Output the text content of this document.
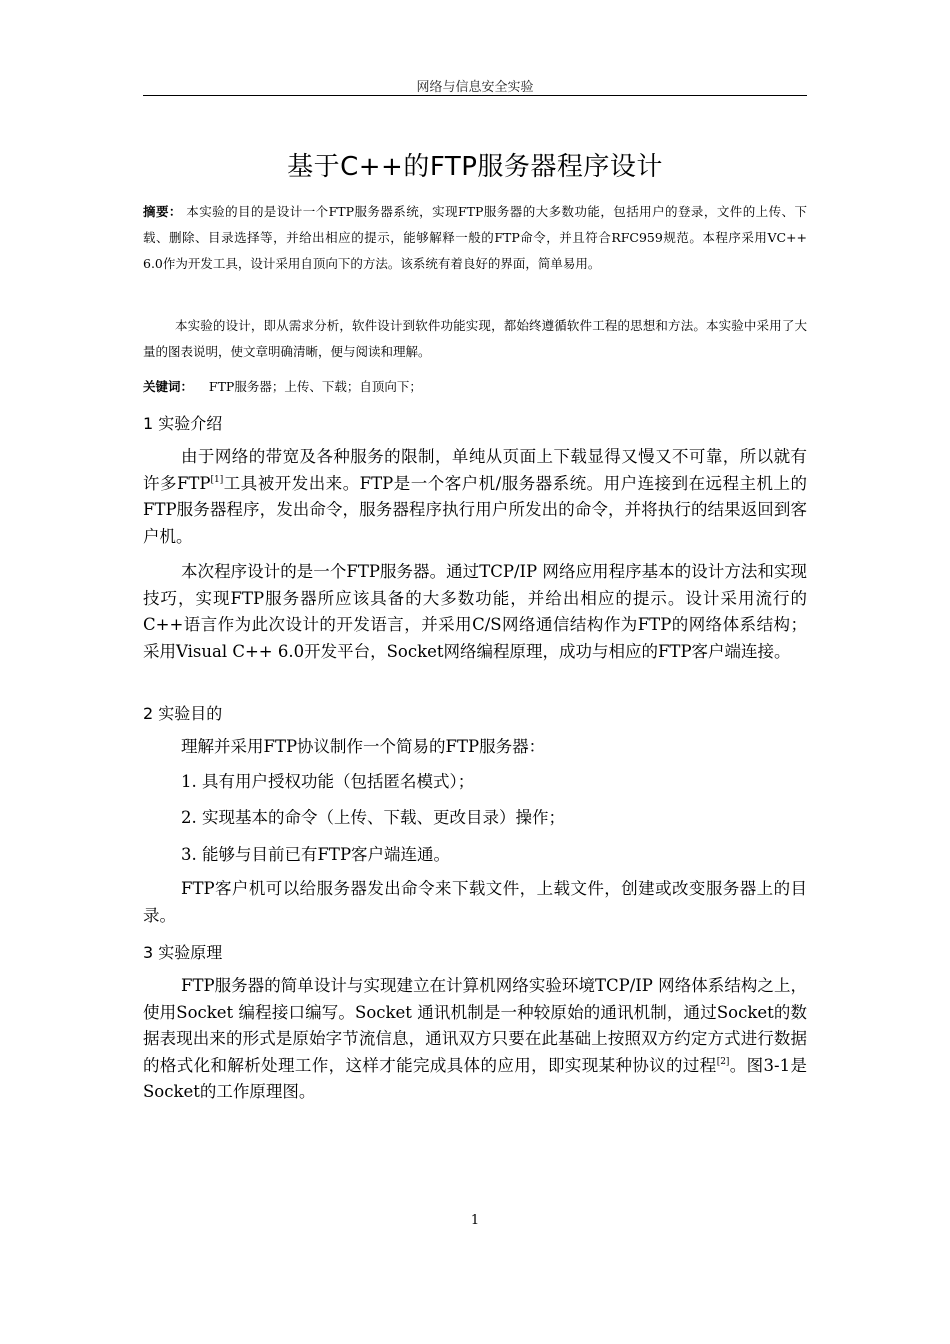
网络与信息安全实验
基于C++的FTP服务器程序设计
摘要： 本实验的目的是设计一个FTP服务器系统，实现FTP服务器的大多数功能，包括用户的登录，文件的上传、下载、删除、目录选择等，并给出相应的提示，能够解释一般的FTP命令，并且符合RFC959规范。本程序采用VC++ 6.0作为开发工具，设计采用自顶向下的方法。该系统有着良好的界面，简单易用。
本实验的设计，即从需求分析，软件设计到软件功能实现，都始终遵循软件工程的思想和方法。本实验中采用了大量的图表说明，使文章明确清晰，便与阅读和理解。
关键词： FTP服务器；上传、下载；自顶向下；
1 实验介绍
由于网络的带宽及各种服务的限制，单纯从页面上下载显得又慢又不可靠，所以就有许多FTP[1]工具被开发出来。FTP是一个客户机/服务器系统。用户连接到在远程主机上的FTP服务器程序，发出命令，服务器程序执行用户所发出的命令，并将执行的结果返回到客户机。
本次程序设计的是一个FTP服务器。通过TCP/IP 网络应用程序基本的设计方法和实现技巧，实现FTP服务器所应该具备的大多数功能，并给出相应的提示。设计采用流行的C++语言作为此次设计的开发语言，并采用C/S网络通信结构作为FTP的网络体系结构；采用Visual C++ 6.0开发平台，Socket网络编程原理，成功与相应的FTP客户端连接。
2 实验目的
理解并采用FTP协议制作一个简易的FTP服务器：
1. 具有用户授权功能（包括匿名模式）；
2. 实现基本的命令（上传、下载、更改目录）操作；
3. 能够与目前已有FTP客户端连通。
FTP客户机可以给服务器发出命令来下载文件，上载文件，创建或改变服务器上的目录。
3 实验原理
FTP服务器的简单设计与实现建立在计算机网络实验环境TCP/IP 网络体系结构之上，使用Socket 编程接口编写。Socket 通讯机制是一种较原始的通讯机制，通过Socket的数据表现出来的形式是原始字节流信息，通讯双方只要在此基础上按照双方约定方式进行数据的格式化和解析处理工作，这样才能完成具体的应用，即实现某种协议的过程[2]。图3-1是Socket的工作原理图。
1
